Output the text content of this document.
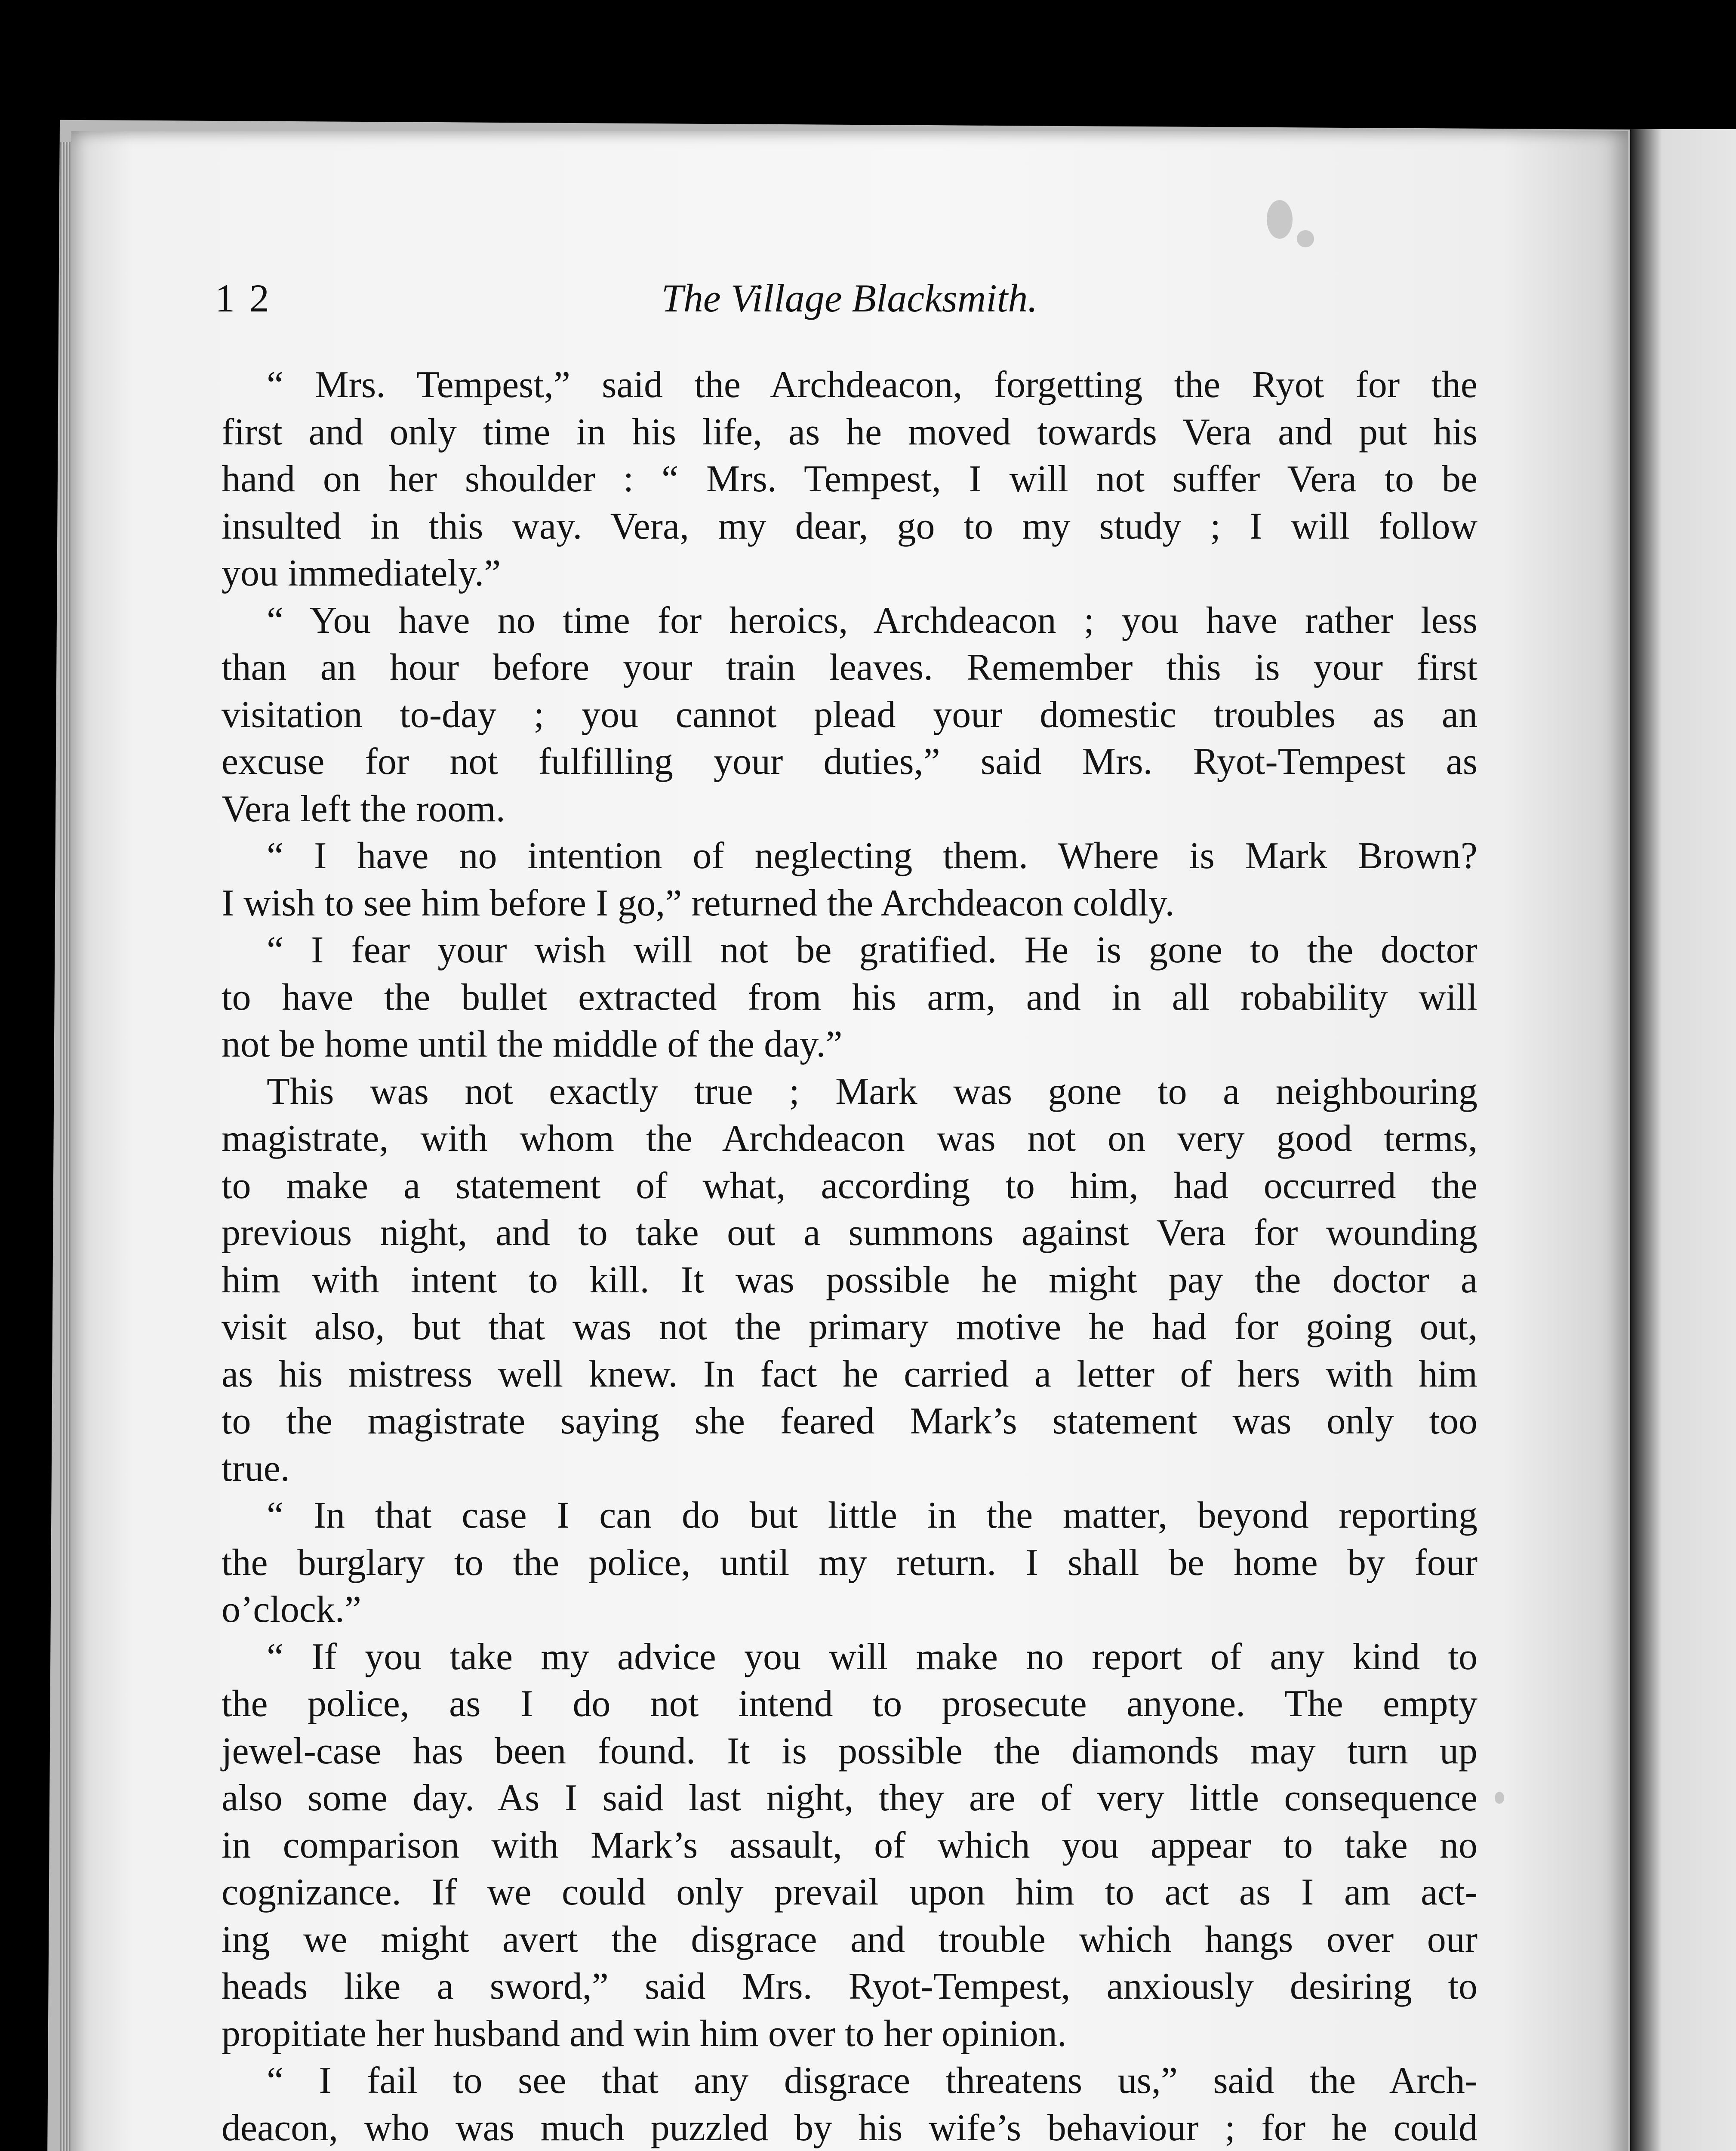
12	The Village Blacksmith.
“ Mrs. Tempest,” said the Archdeacon, forgetting the Ryot for the
first and only time in his life, as he moved towards Vera and put his
hand on her shoulder : “ Mrs. Tempest, I will not suffer Vera to be
insulted in this way. Vera, my dear, go to my study ; I will follow
you immediately.”
“ You have no time for heroics, Archdeacon ; you have rather less
than an hour before your train leaves. Remember this is your first
visitation to-day ; you cannot plead your domestic troubles as an
excuse for not fulfilling your duties,” said Mrs. Ryot-Tempest as
Vera left the room.
“ I have no intention of neglecting them. Where is Mark Brown?
I wish to see him before I go,” returned the Archdeacon coldly.
“ I fear your wish will not be gratified. He is gone to the doctor
to have the bullet extracted from his arm, and in all robability will
not be home until the middle of the day.”
This was not exactly true ; Mark was gone to a neighbouring
magistrate, with whom the Archdeacon was not on very good terms,
to make a statement of what, according to him, had occurred the
previous night, and to take out a summons against Vera for wounding
him with intent to kill. It was possible he might pay the doctor a
visit also, but that was not the primary motive he had for going out,
as his mistress well knew. In fact he carried a letter of hers with him
to the magistrate saying she feared Mark’s statement was only too
true.
“ In that case I can do but little in the matter, beyond reporting
the burglary to the police, until my return. I shall be home by four
o’clock.”
“ If you take my advice you will make no report of any kind to
the police, as I do not intend to prosecute anyone. The empty
jewel-case has been found. It is possible the diamonds may turn up
also some day. As I said last night, they are of very little consequence
in comparison with Mark’s assault, of which you appear to take no
cognizance. If we could only prevail upon him to act as I am act-
ing we might avert the disgrace and trouble which hangs over our
heads like a sword,” said Mrs. Ryot-Tempest, anxiously desiring to
propitiate her husband and win him over to her opinion.
“ I fail to see that any disgrace threatens us,” said the Arch-
deacon, who was much puzzled by his wife’s behaviour ; for he could
